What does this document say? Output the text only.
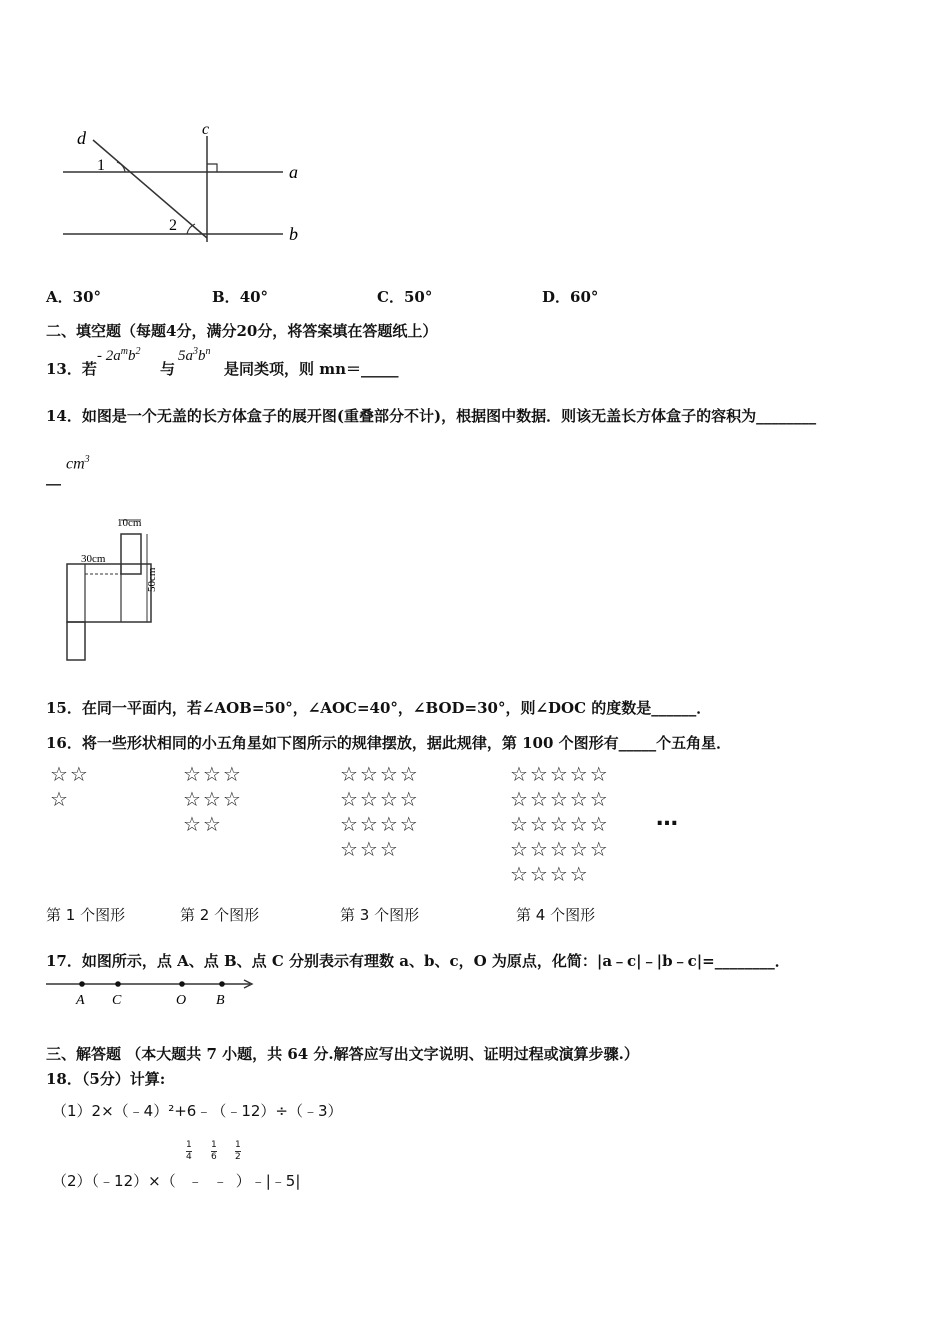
d	c
a
b
1
2
A．30°	B．40°	C．50°	D．60°
二、填空题（每题4分，满分20分，将答案填在答题纸上）
13．若
- $2a^mb^2$
与
$5a^3b^n$
是同类项，则 mn＝_____
14．如图是一个无盖的长方体盒子的展开图(重叠部分不计)，根据图中数据．则该无盖长方体盒子的容积为________
$cm^3$
__
10cm
30cm
50cm
15．在同一平面内，若∠AOB=50°，∠AOC=40°，∠BOD=30°，则∠DOC 的度数是______．
16．将一些形状相同的小五角星如下图所示的规律摆放，据此规律，第 100 个图形有_____个五角星．
☆☆
☆
☆☆☆
☆☆☆
☆☆
☆☆☆☆
☆☆☆☆
☆☆☆☆
☆☆☆
☆☆☆☆☆
☆☆☆☆☆
☆☆☆☆☆
☆☆☆☆☆
☆☆☆☆
…
第 1 个图形	第 2 个图形	第 3 个图形	第 4 个图形
17．如图所示，点 A、点 B、点 C 分别表示有理数 a、b、c，O 为原点，化简：|a﹣c|﹣|b﹣c|=________．
A C	O B
三、解答题 （本大题共 7 小题，共 64 分.解答应写出文字说明、证明过程或演算步骤.）
18．（5分）计算:
（1）2×（﹣4）²+6﹣（﹣12）÷（﹣3）
1
4
1
6
1
2
（2）（﹣12）×（ ﹣ ﹣ ）﹣|﹣5|
